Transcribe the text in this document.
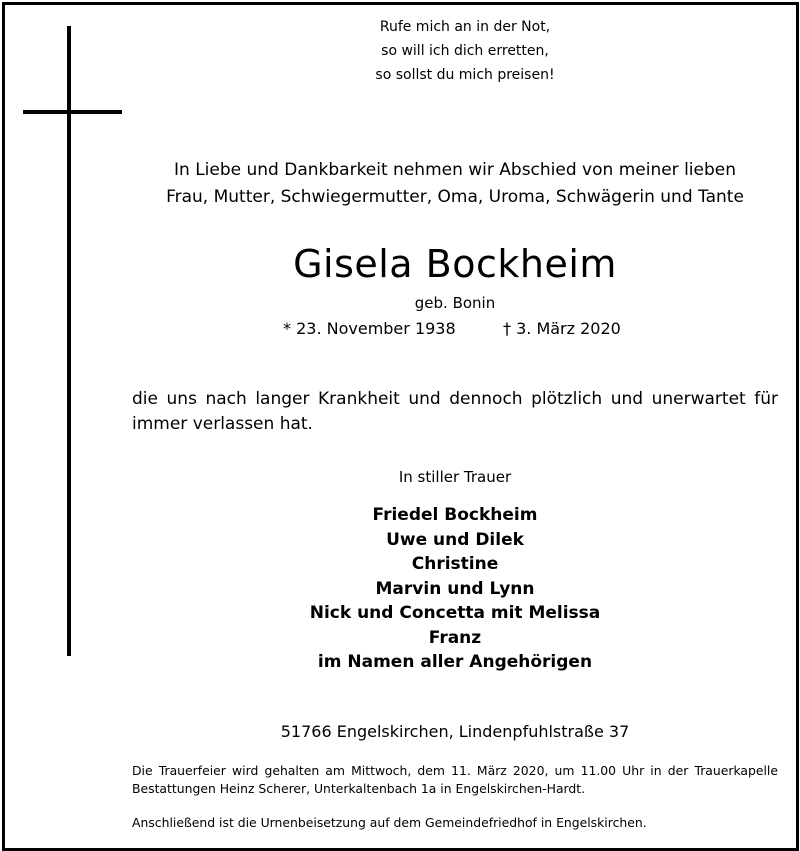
Rufe mich an in der Not,
so will ich dich erretten,
so sollst du mich preisen!
In Liebe und Dankbarkeit nehmen wir Abschied von meiner lieben
Frau, Mutter, Schwiegermutter, Oma, Uroma, Schwägerin und Tante
Gisela Bockheim
geb. Bonin
* 23. November 1938	† 3. März 2020
die uns nach langer Krankheit und dennoch plötzlich und unerwartet für immer verlassen hat.
In stiller Trauer
Friedel Bockheim
Uwe und Dilek
Christine
Marvin und Lynn
Nick und Concetta mit Melissa
Franz
im Namen aller Angehörigen
51766 Engelskirchen, Lindenpfuhlstraße 37
Die Trauerfeier wird gehalten am Mittwoch, dem 11. März 2020, um 11.00 Uhr in der Trauerkapelle Bestattungen Heinz Scherer, Unterkaltenbach 1a in Engelskirchen-Hardt.
Anschließend ist die Urnenbeisetzung auf dem Gemeindefriedhof in Engelskirchen.
